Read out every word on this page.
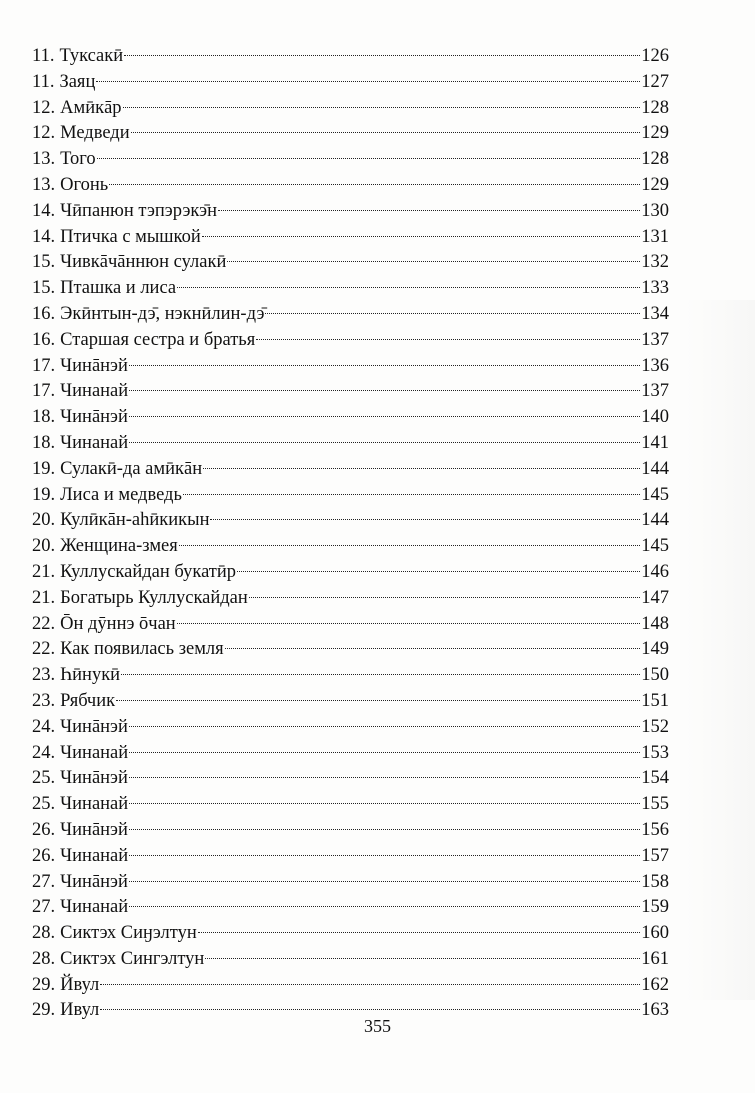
11. Туксакӣ	126
11. Заяц	127
12. Амӣкāр	128
12. Медведи	129
13. Того	128
13. Огонь	129
14. Чӣпанюн тэпэрэкэ̄н	130
14. Птичка с мышкой	131
15. Чивкāчāннюн сулакӣ	132
15. Пташка и лиса	133
16. Экӣнтын-дэ̄, нэкнӣлин-дэ̄	134
16. Старшая сестра и братья	137
17. Чинāнэй	136
17. Чинанай	137
18. Чинāнэй	140
18. Чинанай	141
19. Сулакӣ-да амӣкāн	144
19. Лиса и медведь	145
20. Кулӣкāн-аһӣкикын	144
20. Женщина-змея	145
21. Куллускайдан букатӣр	146
21. Богатырь Куллускайдан	147
22. Ōн дӯннэ ōчан	148
22. Как появилась земля	149
23. Һӣнукӣ	150
23. Рябчик	151
24. Чинāнэй	152
24. Чинанай	153
25. Чинāнэй	154
25. Чинанай	155
26. Чинāнэй	156
26. Чинанай	157
27. Чинāнэй	158
27. Чинанай	159
28. Сиктэх Сиӈэлтун	160
28. Сиктэх Сингэлтун	161
29. Йвул	162
29. Ивул	163
355
